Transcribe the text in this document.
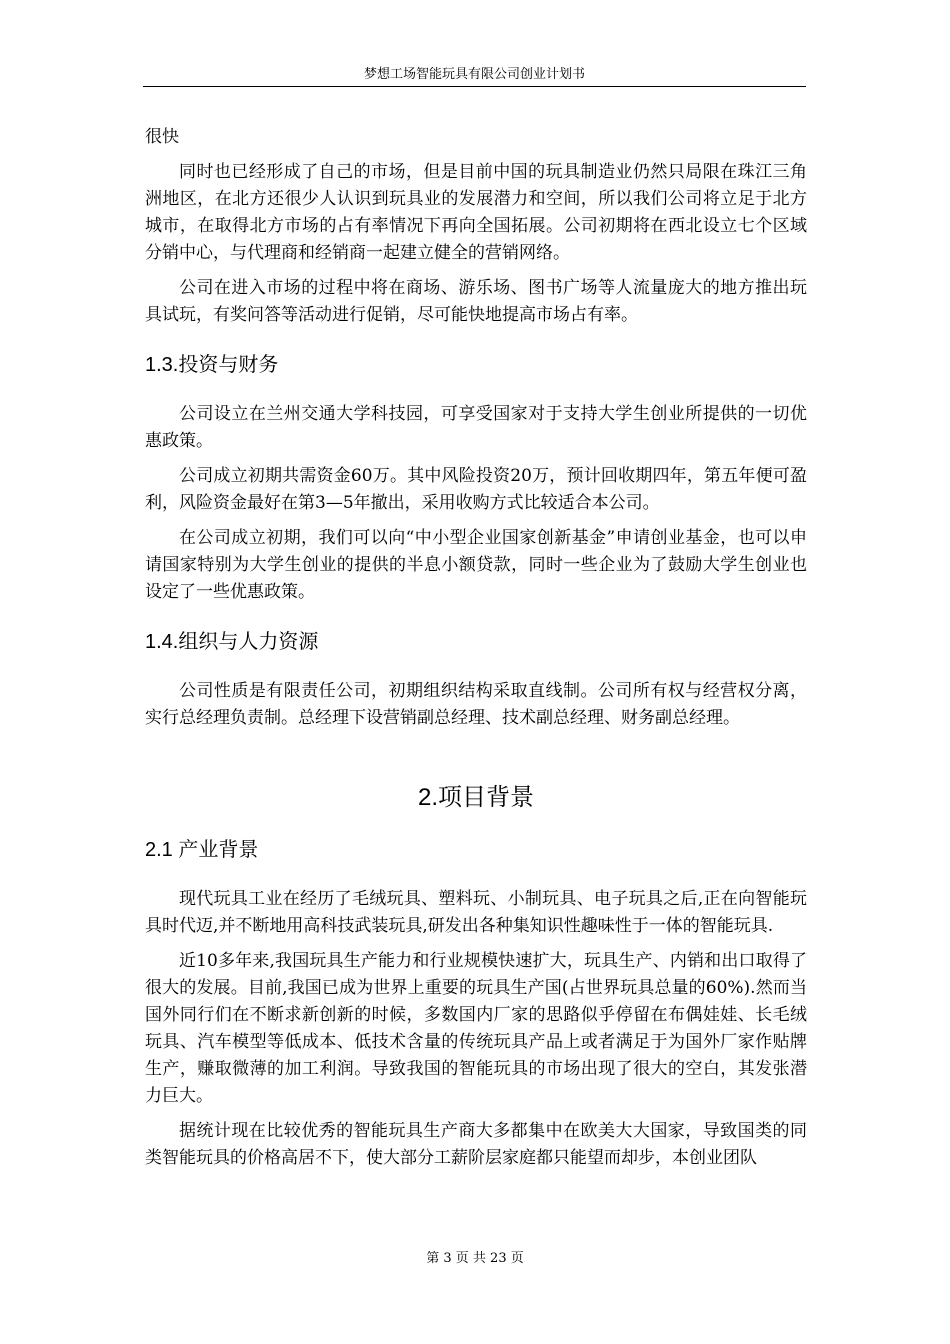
梦想工场智能玩具有限公司创业计划书

很快

同时也已经形成了自己的市场，但是目前中国的玩具制造业仍然只局限在珠江三角洲地区，在北方还很少人认识到玩具业的发展潜力和空间，所以我们公司将立足于北方城市，在取得北方市场的占有率情况下再向全国拓展。公司初期将在西北设立七个区域分销中心，与代理商和经销商一起建立健全的营销网络。

公司在进入市场的过程中将在商场、游乐场、图书广场等人流量庞大的地方推出玩具试玩，有奖问答等活动进行促销，尽可能快地提高市场占有率。

1.3.投资与财务

公司设立在兰州交通大学科技园，可享受国家对于支持大学生创业所提供的一切优惠政策。

公司成立初期共需资金60万。其中风险投资20万，预计回收期四年，第五年便可盈利，风险资金最好在第3—5年撤出，采用收购方式比较适合本公司。

在公司成立初期，我们可以向“中小型企业国家创新基金”申请创业基金，也可以申请国家特别为大学生创业的提供的半息小额贷款，同时一些企业为了鼓励大学生创业也设定了一些优惠政策。

1.4.组织与人力资源

公司性质是有限责任公司，初期组织结构采取直线制。公司所有权与经营权分离，实行总经理负责制。总经理下设营销副总经理、技术副总经理、财务副总经理。

2.项目背景
2.1 产业背景

现代玩具工业在经历了毛绒玩具、塑料玩、小制玩具、电子玩具之后,正在向智能玩具时代迈,并不断地用高科技武装玩具,研发出各种集知识性趣味性于一体的智能玩具.

近10多年来,我国玩具生产能力和行业规模快速扩大，玩具生产、内销和出口取得了很大的发展。目前,我国已成为世界上重要的玩具生产国(占世界玩具总量的60%).然而当国外同行们在不断求新创新的时候，多数国内厂家的思路似乎停留在布偶娃娃、长毛绒玩具、汽车模型等低成本、低技术含量的传统玩具产品上或者满足于为国外厂家作贴牌生产，赚取微薄的加工利润。导致我国的智能玩具的市场出现了很大的空白，其发张潜力巨大。

据统计现在比较优秀的智能玩具生产商大多都集中在欧美大大国家，导致国类的同类智能玩具的价格高居不下，使大部分工薪阶层家庭都只能望而却步，本创业团队

第 3 页 共 23 页
